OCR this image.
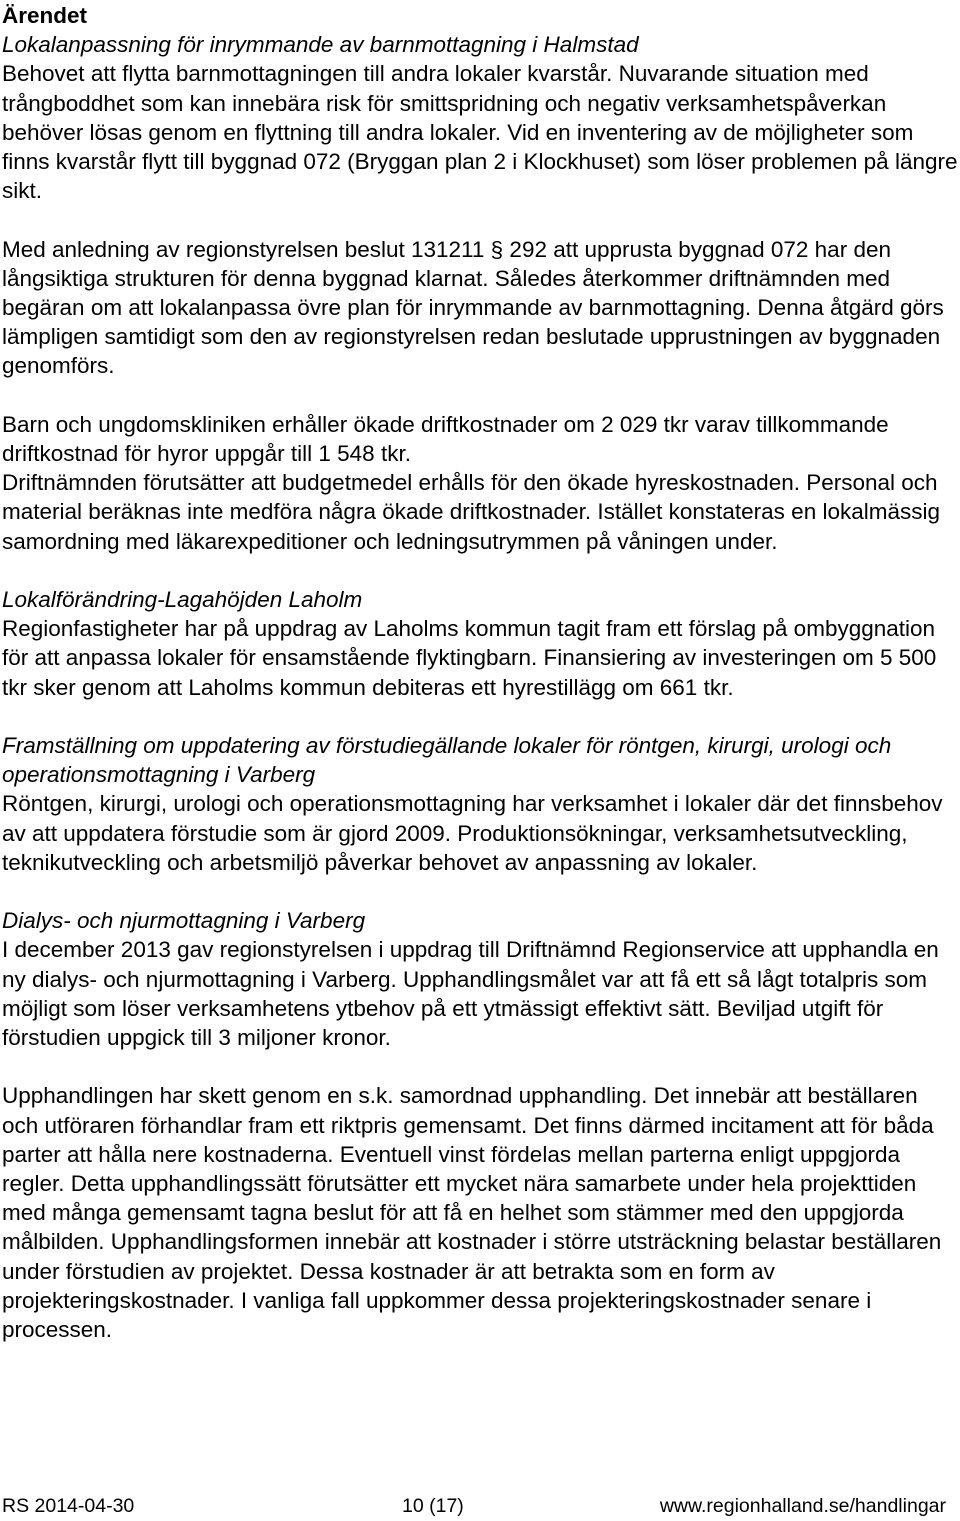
Ärendet
Lokalanpassning för inrymmande av barnmottagning i Halmstad
Behovet att flytta barnmottagningen till andra lokaler kvarstår. Nuvarande situation med trångboddhet som kan innebära risk för smittspridning och negativ verksamhetspåverkan behöver lösas genom en flyttning till andra lokaler. Vid en inventering av de möjligheter som finns kvarstår flytt till byggnad 072 (Bryggan plan 2 i Klockhuset) som löser problemen på längre sikt.
Med anledning av regionstyrelsen beslut 131211 § 292 att upprusta byggnad 072 har den långsiktiga strukturen för denna byggnad klarnat. Således återkommer driftnämnden med begäran om att lokalanpassa övre plan för inrymmande av barnmottagning. Denna åtgärd görs lämpligen samtidigt som den av regionstyrelsen redan beslutade upprustningen av byggnaden genomförs.
Barn och ungdomskliniken erhåller ökade driftkostnader om 2 029 tkr varav tillkommande driftkostnad för hyror uppgår till 1 548 tkr.
Driftnämnden förutsätter att budgetmedel erhålls för den ökade hyreskostnaden. Personal och material beräknas inte medföra några ökade driftkostnader. Istället konstateras en lokalmässig samordning med läkarexpeditioner och ledningsutrymmen på våningen under.
Lokalförändring-Lagahöjden Laholm
Regionfastigheter har på uppdrag av Laholms kommun tagit fram ett förslag på ombyggnation för att anpassa lokaler för ensamstående flyktingbarn. Finansiering av investeringen om 5 500 tkr sker genom att Laholms kommun debiteras ett hyrestillägg om 661 tkr.
Framställning om uppdatering av förstudiegällande lokaler för röntgen, kirurgi, urologi och operationsmottagning i Varberg
Röntgen, kirurgi, urologi och operationsmottagning har verksamhet i lokaler där det finnsbehov av att uppdatera förstudie som är gjord 2009. Produktionsökningar, verksamhetsutveckling, teknikutveckling och arbetsmiljö påverkar behovet av anpassning av lokaler.
Dialys- och njurmottagning i Varberg
I december 2013 gav regionstyrelsen i uppdrag till Driftnämnd Regionservice att upphandla en ny dialys- och njurmottagning i Varberg. Upphandlingsmålet var att få ett så lågt totalpris som möjligt som löser verksamhetens ytbehov på ett ytmässigt effektivt sätt. Beviljad utgift för förstudien uppgick till 3 miljoner kronor.
Upphandlingen har skett genom en s.k. samordnad upphandling. Det innebär att beställaren och utföraren förhandlar fram ett riktpris gemensamt. Det finns därmed incitament att för båda parter att hålla nere kostnaderna. Eventuell vinst fördelas mellan parterna enligt uppgjorda regler. Detta upphandlingssätt förutsätter ett mycket nära samarbete under hela projekttiden med många gemensamt tagna beslut för att få en helhet som stämmer med den uppgjorda målbilden. Upphandlingsformen innebär att kostnader i större utsträckning belastar beställaren under förstudien av projektet. Dessa kostnader är att betrakta som en form av projekteringskostnader. I vanliga fall uppkommer dessa projekteringskostnader senare i processen.
RS 2014-04-30	10 (17)	www.regionhalland.se/handlingar
